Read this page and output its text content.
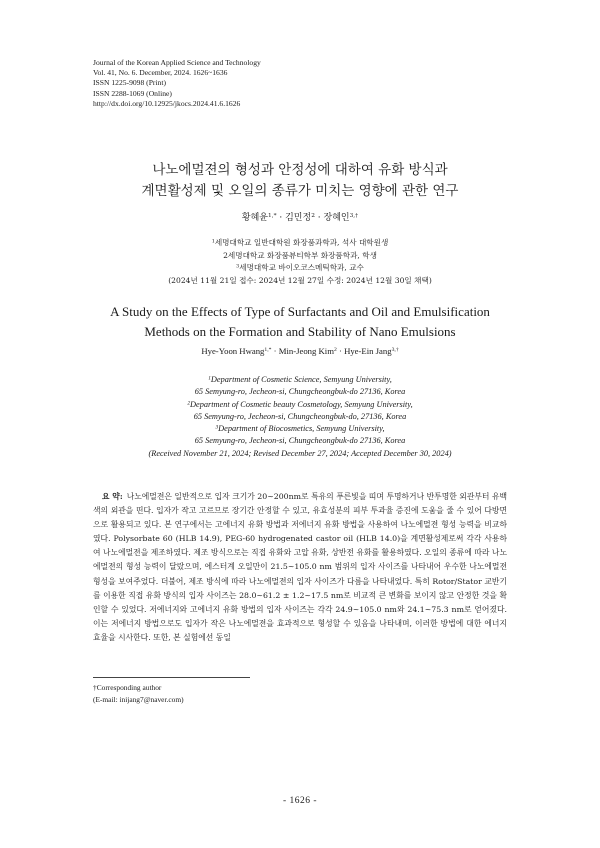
Journal of the Korean Applied Science and Technology
Vol. 41, No. 6. December, 2024. 1626~1636
ISSN 1225-9098 (Print)
ISSN 2288-1069 (Online)
http://dx.doi.org/10.12925/jkocs.2024.41.6.1626
나노에멀젼의 형성과 안정성에 대하여 유화 방식과
계면활성제 및 오일의 종류가 미치는 영향에 관한 연구
황혜윤$^{1,*}$ · 김민정$^2$ · 장혜인$^{3,\dagger}$
$^1$세명대학교 일반대학원 화장품과학과, 석사 대학원생
2세명대학교 화장품뷰티학부 화장품학과, 학생
$^3$세명대학교 바이오코스메틱학과, 교수
(2024년 11월 21일 접수: 2024년 12월 27일 수정: 2024년 12월 30일 채택)
A Study on the Effects of Type of Surfactants and Oil and Emulsification
Methods on the Formation and Stability of Nano Emulsions
Hye-Yoon Hwang$^{1,*}$ · Min-Jeong Kim$^2$ · Hye-Ein Jang$^{3,\dagger}$
$^1$Department of Cosmetic Science, Semyung University,
65 Semyung-ro, Jecheon-si, Chungcheongbuk-do 27136, Korea
$^2$Department of Cosmetic beauty Cosmetology, Semyung University,
65 Semyung-ro, Jecheon-si, Chungcheongbuk-do, 27136, Korea
$^3$Department of Biocosmetics, Semyung University,
65 Semyung-ro, Jecheon-si, Chungcheongbuk-do 27136, Korea
(Received November 21, 2024; Revised December 27, 2024; Accepted December 30, 2024)
요 약: 나노에멀젼은 일반적으로 입자 크기가 20~200nm로 특유의 푸른빛을 띠며 투명하거나 반투명한 외관부터 유백색의 외관을 띤다. 입자가 작고 고르므로 장기간 안정할 수 있고, 유효성분의 피부 투과율 증진에 도움을 줄 수 있어 다방면으로 활용되고 있다. 본 연구에서는 고에너지 유화 방법과 저에너지 유화 방법을 사용하여 나노에멀젼 형성 능력을 비교하였다. Polysorbate 60 (HLB 14.9), PEG-60 hydrogenated castor oil (HLB 14.0)을 계면활성제로써 각각 사용하여 나노에멀젼을 제조하였다. 제조 방식으로는 직접 유화와 고압 유화, 상반전 유화를 활용하였다. 오일의 종류에 따라 나노에멀젼의 형성 능력이 달랐으며, 에스터계 오일만이 21.5~105.0 nm 범위의 입자 사이즈를 나타내어 우수한 나노에멀젼 형성을 보여주었다. 더불어, 제조 방식에 따라 나노에멀젼의 입자 사이즈가 다름을 나타내었다. 특히 Rotor/Stator 교반기를 이용한 직접 유화 방식의 입자 사이즈는 28.0~61.2 ± 1.2~17.5 nm로 비교적 큰 변화를 보이지 않고 안정한 것을 확인할 수 있었다. 저에너지와 고에너지 유화 방법의 입자 사이즈는 각각 24.9~105.0 nm와 24.1~75.3 nm로 얻어졌다. 이는 저에너지 방법으로도 입자가 작은 나노에멀젼을 효과적으로 형성할 수 있음을 나타내며, 이러한 방법에 대한 에너지 효율을 시사한다. 또한, 본 실험에선 동일
†Corresponding author
(E-mail: inijang7@naver.com)
- 1626 -
